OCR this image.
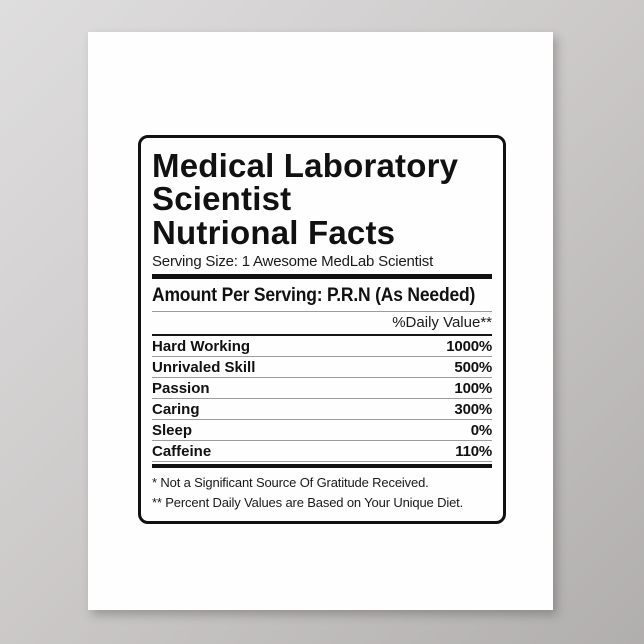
Medical Laboratory
Scientist
Nutrional Facts
Serving Size: 1 Awesome MedLab Scientist
Amount Per Serving: P.R.N (As Needed)
%Daily Value**
Hard Working	1000%
Unrivaled Skill	500%
Passion	100%
Caring	300%
Sleep	0%
Caffeine	110%
* Not a Significant Source Of Gratitude Received.
** Percent Daily Values are Based on Your Unique Diet.
